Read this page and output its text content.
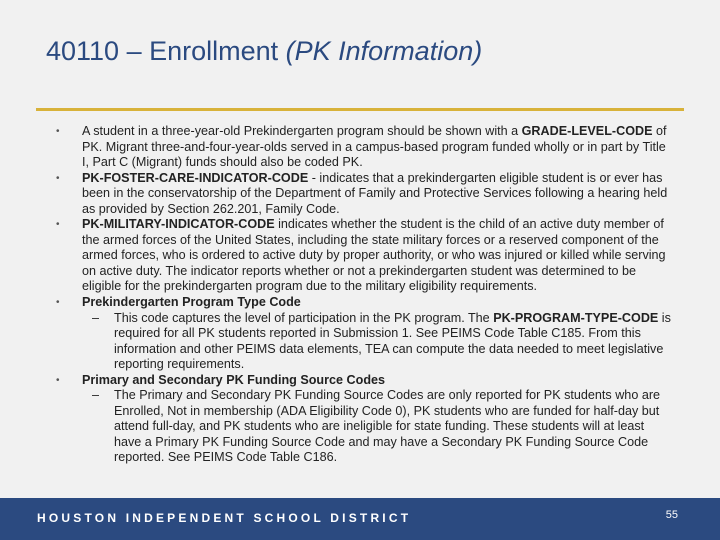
40110 – Enrollment (PK Information)

• A student in a three-year-old Prekindergarten program should be shown with a GRADE-LEVEL-CODE of PK. Migrant three-and-four-year-olds served in a campus-based program funded wholly or in part by Title I, Part C (Migrant) funds should also be coded PK.

• PK-FOSTER-CARE-INDICATOR-CODE - indicates that a prekindergarten eligible student is or ever has been in the conservatorship of the Department of Family and Protective Services following a hearing held as provided by Section 262.201, Family Code.

• PK-MILITARY-INDICATOR-CODE indicates whether the student is the child of an active duty member of the armed forces of the United States, including the state military forces or a reserved component of the armed forces, who is ordered to active duty by proper authority, or who was injured or killed while serving on active duty. The indicator reports whether or not a prekindergarten student was determined to be eligible for the prekindergarten program due to the military eligibility requirements.

• Prekindergarten Program Type Code

– This code captures the level of participation in the PK program. The PK-PROGRAM-TYPE-CODE is required for all PK students reported in Submission 1. See PEIMS Code Table C185. From this information and other PEIMS data elements, TEA can compute the data needed to meet legislative reporting requirements.

• Primary and Secondary PK Funding Source Codes

– The Primary and Secondary PK Funding Source Codes are only reported for PK students who are Enrolled, Not in membership (ADA Eligibility Code 0), PK students who are funded for half-day but attend full-day, and PK students who are ineligible for state funding. These students will at least have a Primary PK Funding Source Code and may have a Secondary PK Funding Source Code reported. See PEIMS Code Table C186.

HOUSTON INDEPENDENT SCHOOL DISTRICT	55
